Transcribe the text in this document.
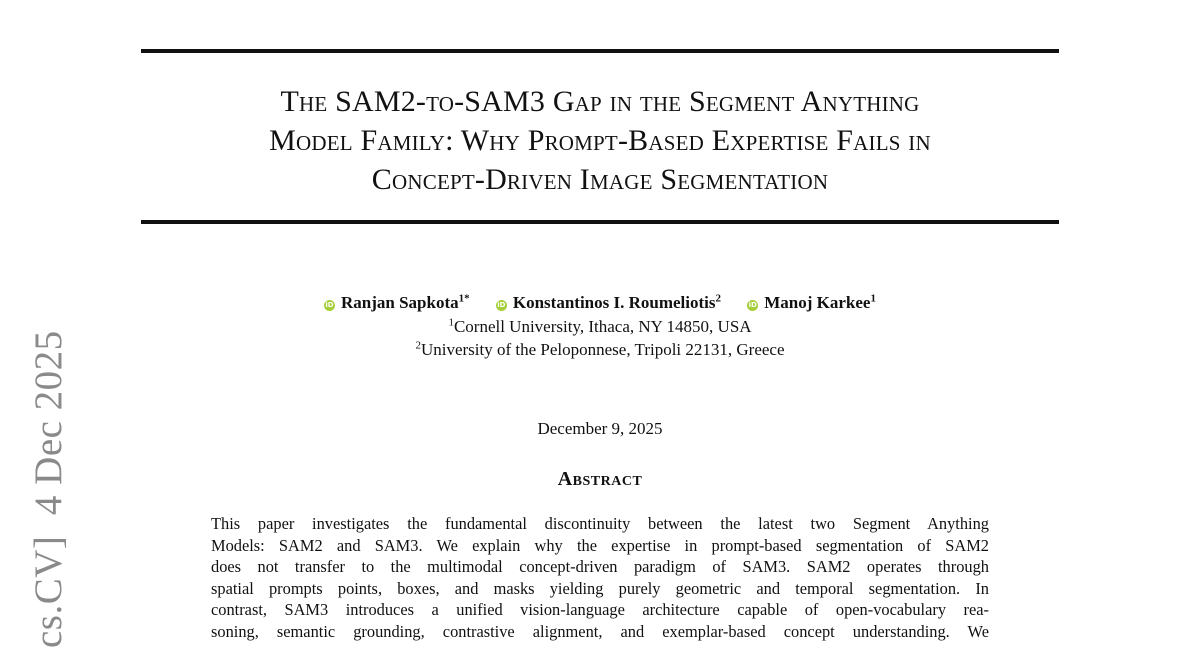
The SAM2-to-SAM3 Gap in the Segment Anything
Model Family: Why Prompt-Based Expertise Fails in
Concept-Driven Image Segmentation
iD Ranjan Sapkota$^{1*}$ iD Konstantinos I. Roumeliotis$^2$ iD Manoj Karkee$^1$
$^1$Cornell University, Ithaca, NY 14850, USA
$^2$University of the Peloponnese, Tripoli 22131, Greece
December 9, 2025
Abstract
This paper investigates the fundamental discontinuity between the latest two Segment Anything
Models: SAM2 and SAM3. We explain why the expertise in prompt-based segmentation of SAM2
does not transfer to the multimodal concept-driven paradigm of SAM3. SAM2 operates through
spatial prompts points, boxes, and masks yielding purely geometric and temporal segmentation. In
contrast, SAM3 introduces a unified vision-language architecture capable of open-vocabulary rea-
soning, semantic grounding, contrastive alignment, and exemplar-based concept understanding. We
cs.CV]  4 Dec 2025
